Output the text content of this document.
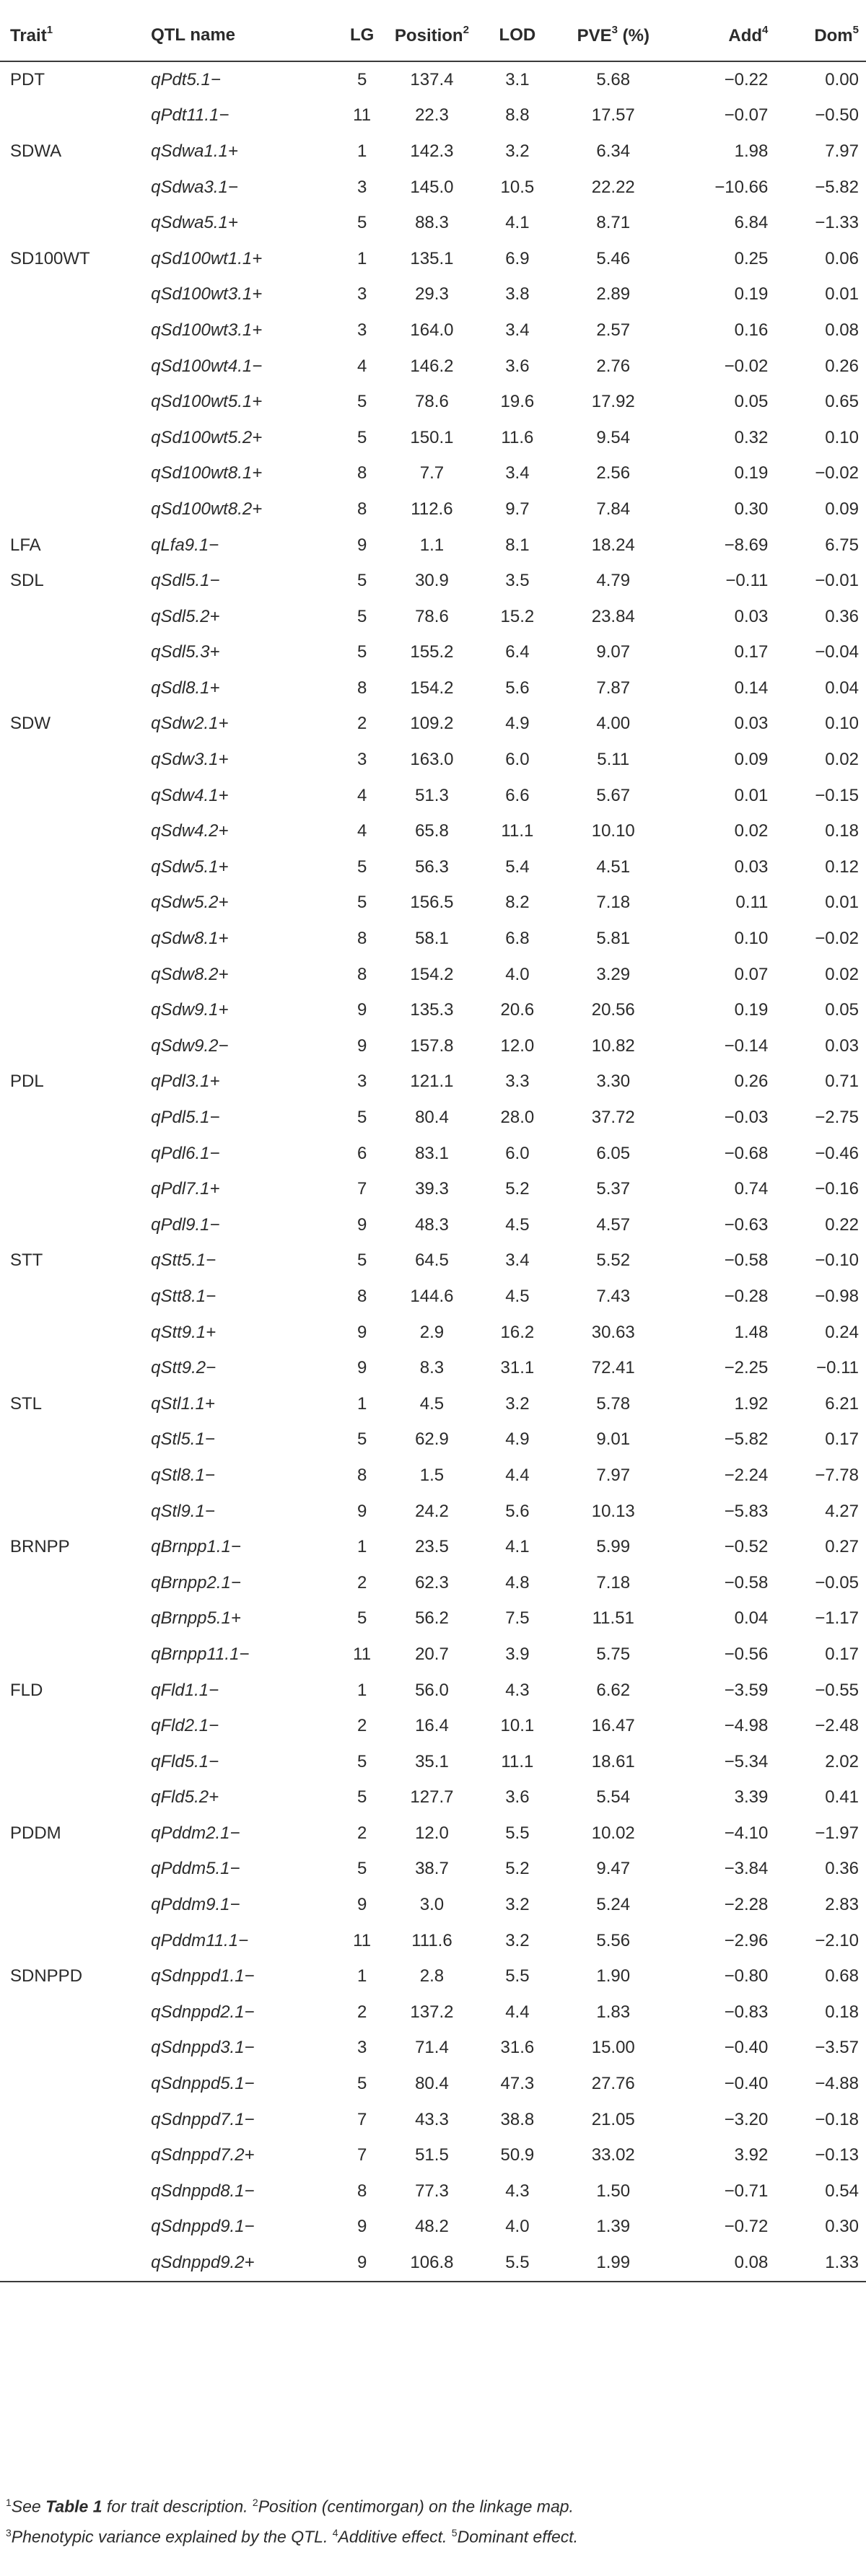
Trait$^1$	QTL name	LG	Position$^2$	LOD	PVE$^3$ (%)	Add$^4$	Dom$^5$
PDT	qPdt5.1−	5	137.4	3.1	5.68	−0.22	0.00
	qPdt11.1−	11	22.3	8.8	17.57	−0.07	−0.50
SDWA	qSdwa1.1+	1	142.3	3.2	6.34	1.98	7.97
	qSdwa3.1−	3	145.0	10.5	22.22	−10.66	−5.82
	qSdwa5.1+	5	88.3	4.1	8.71	6.84	−1.33
SD100WT	qSd100wt1.1+	1	135.1	6.9	5.46	0.25	0.06
	qSd100wt3.1+	3	29.3	3.8	2.89	0.19	0.01
	qSd100wt3.1+	3	164.0	3.4	2.57	0.16	0.08
	qSd100wt4.1−	4	146.2	3.6	2.76	−0.02	0.26
	qSd100wt5.1+	5	78.6	19.6	17.92	0.05	0.65
	qSd100wt5.2+	5	150.1	11.6	9.54	0.32	0.10
	qSd100wt8.1+	8	7.7	3.4	2.56	0.19	−0.02
	qSd100wt8.2+	8	112.6	9.7	7.84	0.30	0.09
LFA	qLfa9.1−	9	1.1	8.1	18.24	−8.69	6.75
SDL	qSdl5.1−	5	30.9	3.5	4.79	−0.11	−0.01
	qSdl5.2+	5	78.6	15.2	23.84	0.03	0.36
	qSdl5.3+	5	155.2	6.4	9.07	0.17	−0.04
	qSdl8.1+	8	154.2	5.6	7.87	0.14	0.04
SDW	qSdw2.1+	2	109.2	4.9	4.00	0.03	0.10
	qSdw3.1+	3	163.0	6.0	5.11	0.09	0.02
	qSdw4.1+	4	51.3	6.6	5.67	0.01	−0.15
	qSdw4.2+	4	65.8	11.1	10.10	0.02	0.18
	qSdw5.1+	5	56.3	5.4	4.51	0.03	0.12
	qSdw5.2+	5	156.5	8.2	7.18	0.11	0.01
	qSdw8.1+	8	58.1	6.8	5.81	0.10	−0.02
	qSdw8.2+	8	154.2	4.0	3.29	0.07	0.02
	qSdw9.1+	9	135.3	20.6	20.56	0.19	0.05
	qSdw9.2−	9	157.8	12.0	10.82	−0.14	0.03
PDL	qPdl3.1+	3	121.1	3.3	3.30	0.26	0.71
	qPdl5.1−	5	80.4	28.0	37.72	−0.03	−2.75
	qPdl6.1−	6	83.1	6.0	6.05	−0.68	−0.46
	qPdl7.1+	7	39.3	5.2	5.37	0.74	−0.16
	qPdl9.1−	9	48.3	4.5	4.57	−0.63	0.22
STT	qStt5.1−	5	64.5	3.4	5.52	−0.58	−0.10
	qStt8.1−	8	144.6	4.5	7.43	−0.28	−0.98
	qStt9.1+	9	2.9	16.2	30.63	1.48	0.24
	qStt9.2−	9	8.3	31.1	72.41	−2.25	−0.11
STL	qStl1.1+	1	4.5	3.2	5.78	1.92	6.21
	qStl5.1−	5	62.9	4.9	9.01	−5.82	0.17
	qStl8.1−	8	1.5	4.4	7.97	−2.24	−7.78
	qStl9.1−	9	24.2	5.6	10.13	−5.83	4.27
BRNPP	qBrnpp1.1−	1	23.5	4.1	5.99	−0.52	0.27
	qBrnpp2.1−	2	62.3	4.8	7.18	−0.58	−0.05
	qBrnpp5.1+	5	56.2	7.5	11.51	0.04	−1.17
	qBrnpp11.1−	11	20.7	3.9	5.75	−0.56	0.17
FLD	qFld1.1−	1	56.0	4.3	6.62	−3.59	−0.55
	qFld2.1−	2	16.4	10.1	16.47	−4.98	−2.48
	qFld5.1−	5	35.1	11.1	18.61	−5.34	2.02
	qFld5.2+	5	127.7	3.6	5.54	3.39	0.41
PDDM	qPddm2.1−	2	12.0	5.5	10.02	−4.10	−1.97
	qPddm5.1−	5	38.7	5.2	9.47	−3.84	0.36
	qPddm9.1−	9	3.0	3.2	5.24	−2.28	2.83
	qPddm11.1−	11	111.6	3.2	5.56	−2.96	−2.10
SDNPPD	qSdnppd1.1−	1	2.8	5.5	1.90	−0.80	0.68
	qSdnppd2.1−	2	137.2	4.4	1.83	−0.83	0.18
	qSdnppd3.1−	3	71.4	31.6	15.00	−0.40	−3.57
	qSdnppd5.1−	5	80.4	47.3	27.76	−0.40	−4.88
	qSdnppd7.1−	7	43.3	38.8	21.05	−3.20	−0.18
	qSdnppd7.2+	7	51.5	50.9	33.02	3.92	−0.13
	qSdnppd8.1−	8	77.3	4.3	1.50	−0.71	0.54
	qSdnppd9.1−	9	48.2	4.0	1.39	−0.72	0.30
	qSdnppd9.2+	9	106.8	5.5	1.99	0.08	1.33
$^1$See Table 1 for trait description. $^2$Position (centimorgan) on the linkage map.
$^3$Phenotypic variance explained by the QTL. $^4$Additive effect. $^5$Dominant effect.
